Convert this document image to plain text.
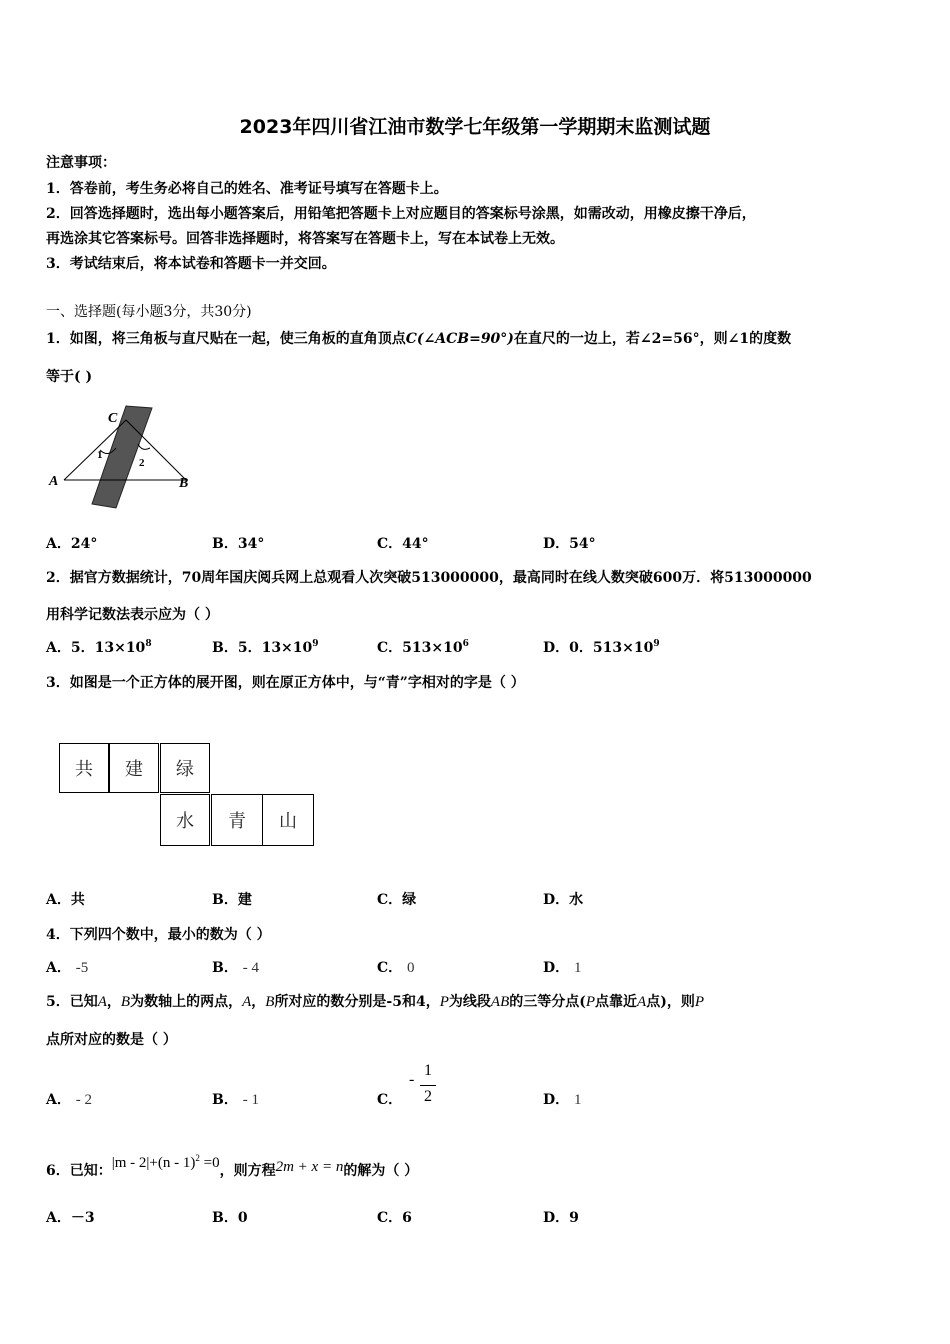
2023年四川省江油市数学七年级第一学期期末监测试题
注意事项：
1．答卷前，考生务必将自己的姓名、准考证号填写在答题卡上。
2．回答选择题时，选出每小题答案后，用铅笔把答题卡上对应题目的答案标号涂黑，如需改动，用橡皮擦干净后，
再选涂其它答案标号。回答非选择题时，将答案写在答题卡上，写在本试卷上无效。
3．考试结束后，将本试卷和答题卡一并交回。
一、选择题(每小题3分，共30分)
1．如图，将三角板与直尺贴在一起，使三角板的直角顶点C(∠ACB=90°)在直尺的一边上，若∠2=56°，则∠1的度数
等于( )
C
A	B
1
2
A．24°	B．34°	C．44°	D．54°
2．据官方数据统计，70周年国庆阅兵网上总观看人次突破513000000，最高同时在线人数突破600万．将513000000
用科学记数法表示应为（ ）
A．5．$13\times 10^8$	B．5．$13\times 10^9$	C．$513\times 10^6$	D．0．$513\times 10^9$
3．如图是一个正方体的展开图，则在原正方体中，与“青”字相对的字是（ ）
共	建	绿
水	青	山
A．共	B．建	C．绿	D．水
4．下列四个数中，最小的数为（ ）
A． -5	B． - 4	C． 0	D． 1
5．已知A，B为数轴上的两点，A，B所对应的数分别是-5和4，P为线段AB的三等分点(P点靠近A点)，则P
点所对应的数是（ ）
A． - 2	B． - 1	C．
-
1
2	D． 1
6．已知：|m - 2|+(n - 1)$^2$ =0，则方程2m + x = n的解为（ ）
A．－3	B．0	C．6	D．9
